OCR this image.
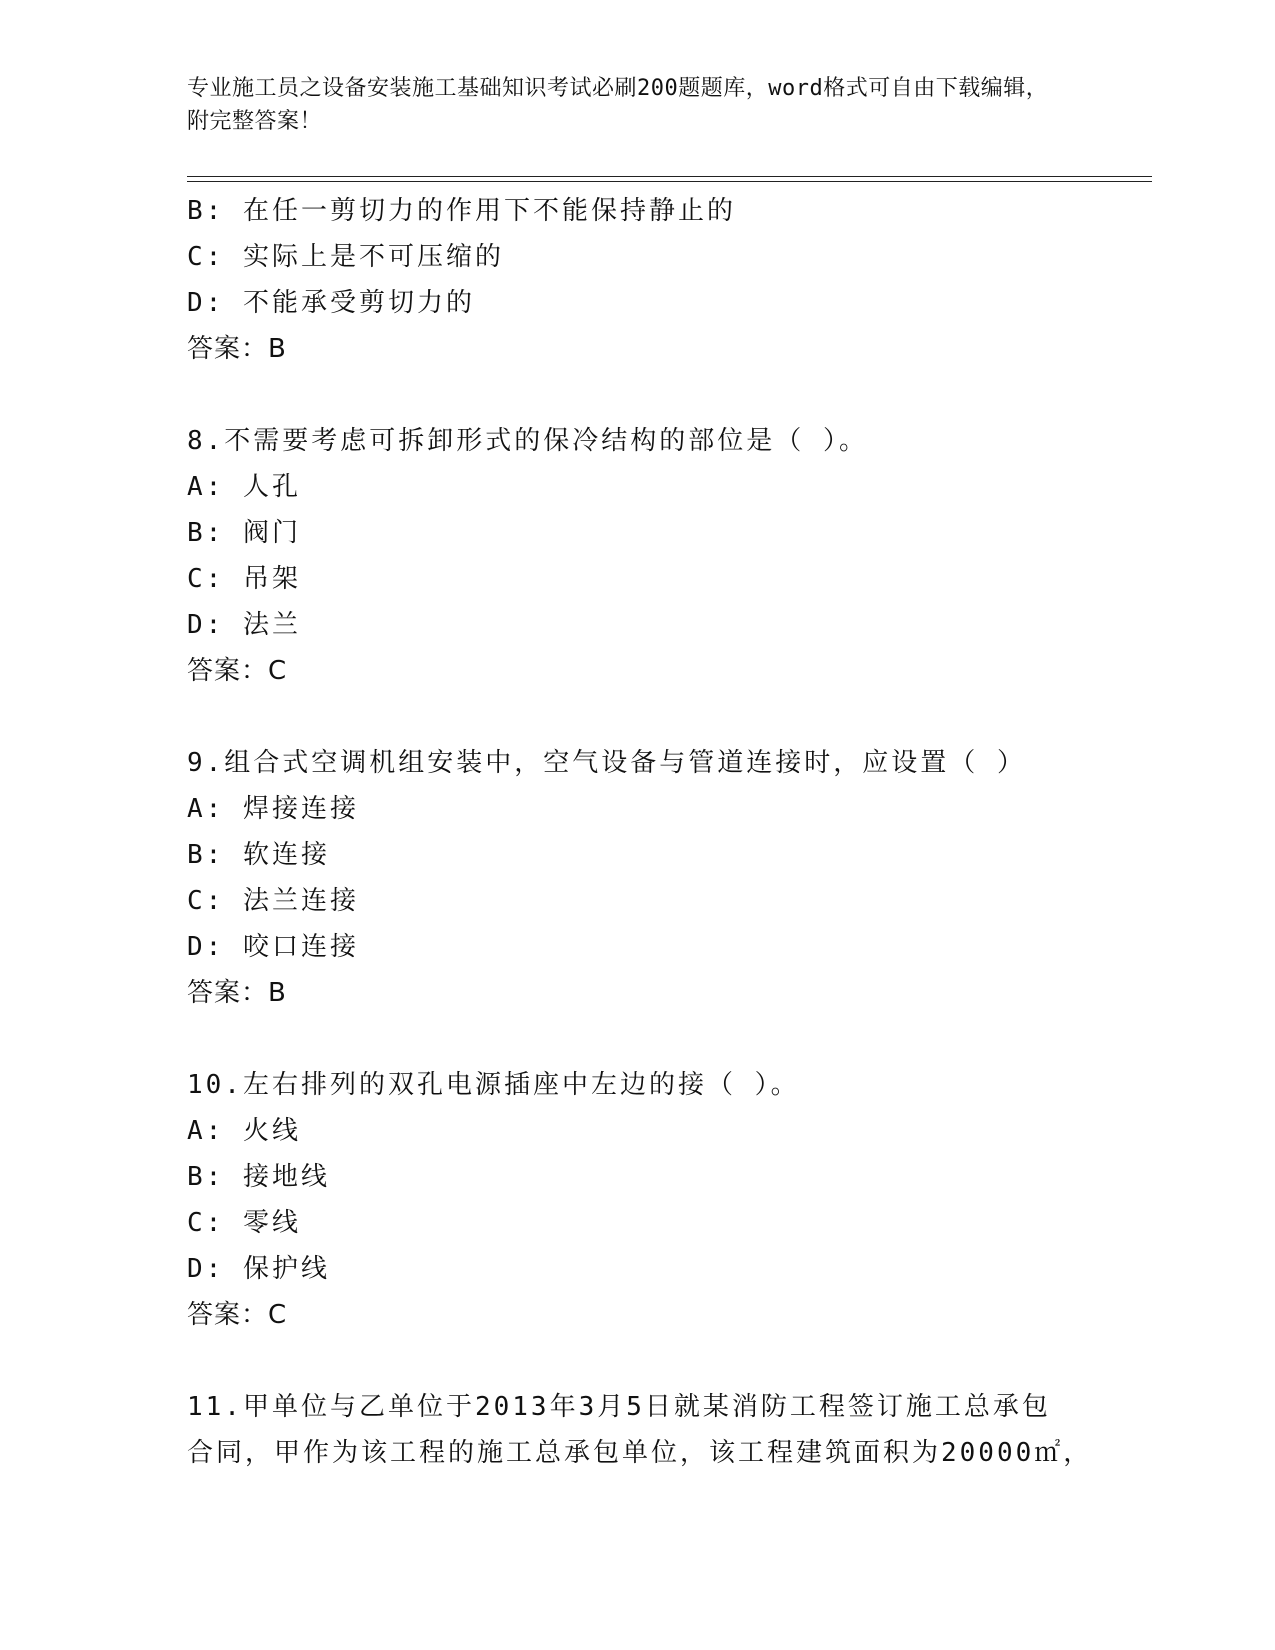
专业施工员之设备安装施工基础知识考试必刷200题题库，word格式可自由下载编辑，附完整答案！
B: 在任一剪切力的作用下不能保持静止的
C: 实际上是不可压缩的
D: 不能承受剪切力的
答案：B
8.不需要考虑可拆卸形式的保冷结构的部位是（ ）。
A: 人孔
B: 阀门
C: 吊架
D: 法兰
答案：C
9.组合式空调机组安装中，空气设备与管道连接时，应设置（ ）
A: 焊接连接
B: 软连接
C: 法兰连接
D: 咬口连接
答案：B
10.左右排列的双孔电源插座中左边的接（ ）。
A: 火线
B: 接地线
C: 零线
D: 保护线
答案：C
11.甲单位与乙单位于2013年3月5日就某消防工程签订施工总承包
合同，甲作为该工程的施工总承包单位，该工程建筑面积为20000㎡，
